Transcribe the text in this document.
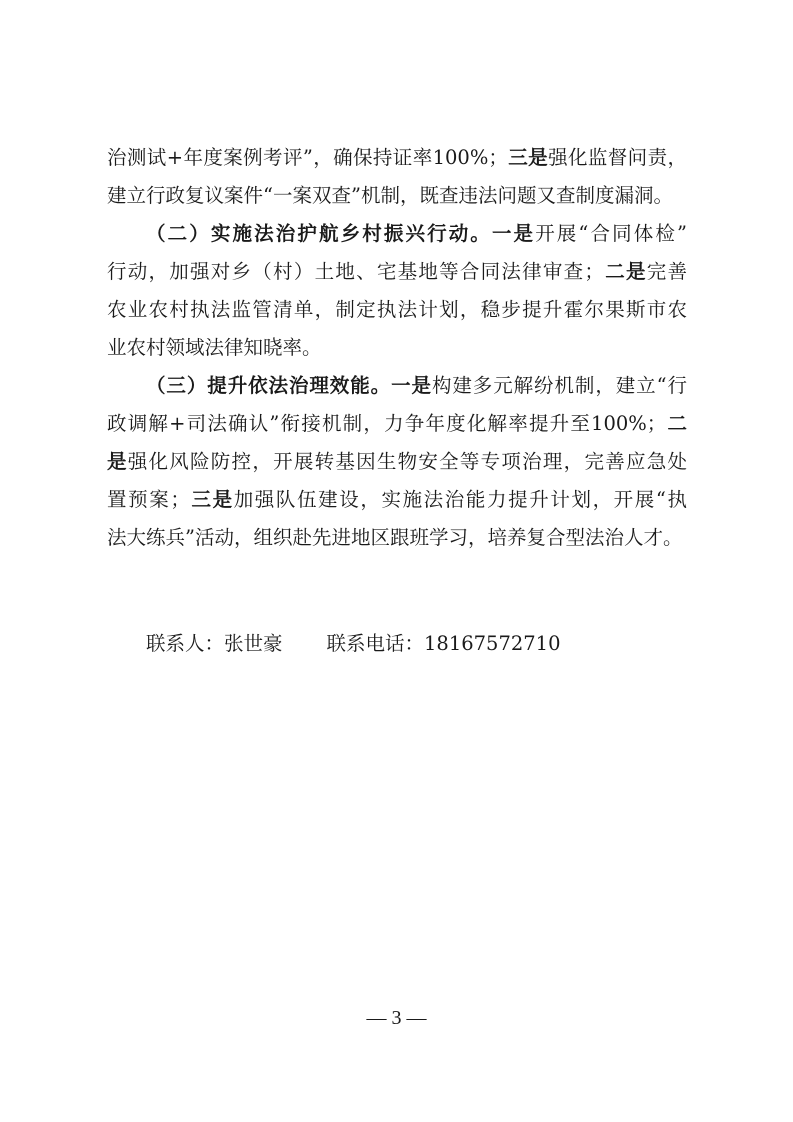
治测试+年度案例考评”，确保持证率100%；三是强化监督问责，
建立行政复议案件“一案双查”机制，既查违法问题又查制度漏洞。
（二）实施法治护航乡村振兴行动。一是开展“合同体检”
行动，加强对乡（村）土地、宅基地等合同法律审查；二是完善
农业农村执法监管清单，制定执法计划，稳步提升霍尔果斯市农
业农村领域法律知晓率。
（三）提升依法治理效能。一是构建多元解纷机制，建立“行
政调解+司法确认”衔接机制，力争年度化解率提升至100%；二
是强化风险防控，开展转基因生物安全等专项治理，完善应急处
置预案；三是加强队伍建设，实施法治能力提升计划，开展“执
法大练兵”活动，组织赴先进地区跟班学习，培养复合型法治人才。
联系人：张世豪 联系电话：18167572710
— 3 —
